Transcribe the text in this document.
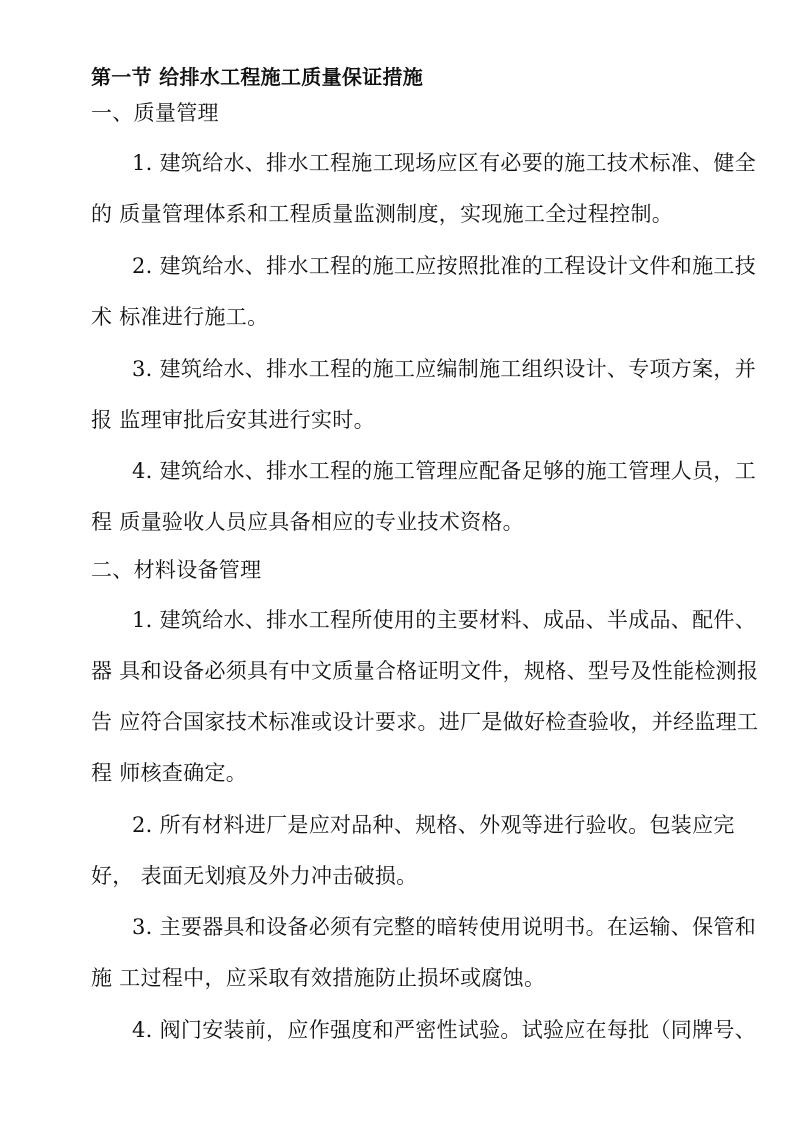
第一节 给排水工程施工质量保证措施
一、质量管理
1. 建筑给水、排水工程施工现场应区有必要的施工技术标准、健全
的 质量管理体系和工程质量监测制度，实现施工全过程控制。
2. 建筑给水、排水工程的施工应按照批准的工程设计文件和施工技
术 标准进行施工。
3. 建筑给水、排水工程的施工应编制施工组织设计、专项方案，并
报 监理审批后安其进行实时。
4. 建筑给水、排水工程的施工管理应配备足够的施工管理人员，工
程 质量验收人员应具备相应的专业技术资格。
二、材料设备管理
1. 建筑给水、排水工程所使用的主要材料、成品、半成品、配件、
器 具和设备必须具有中文质量合格证明文件，规格、型号及性能检测报
告 应符合国家技术标准或设计要求。进厂是做好检查验收，并经监理工
程 师核查确定。
2. 所有材料进厂是应对品种、规格、外观等进行验收。包装应完
好， 表面无划痕及外力冲击破损。
3. 主要器具和设备必须有完整的暗转使用说明书。在运输、保管和
施 工过程中，应采取有效措施防止损坏或腐蚀。
4. 阀门安装前，应作强度和严密性试验。试验应在每批（同牌号、
